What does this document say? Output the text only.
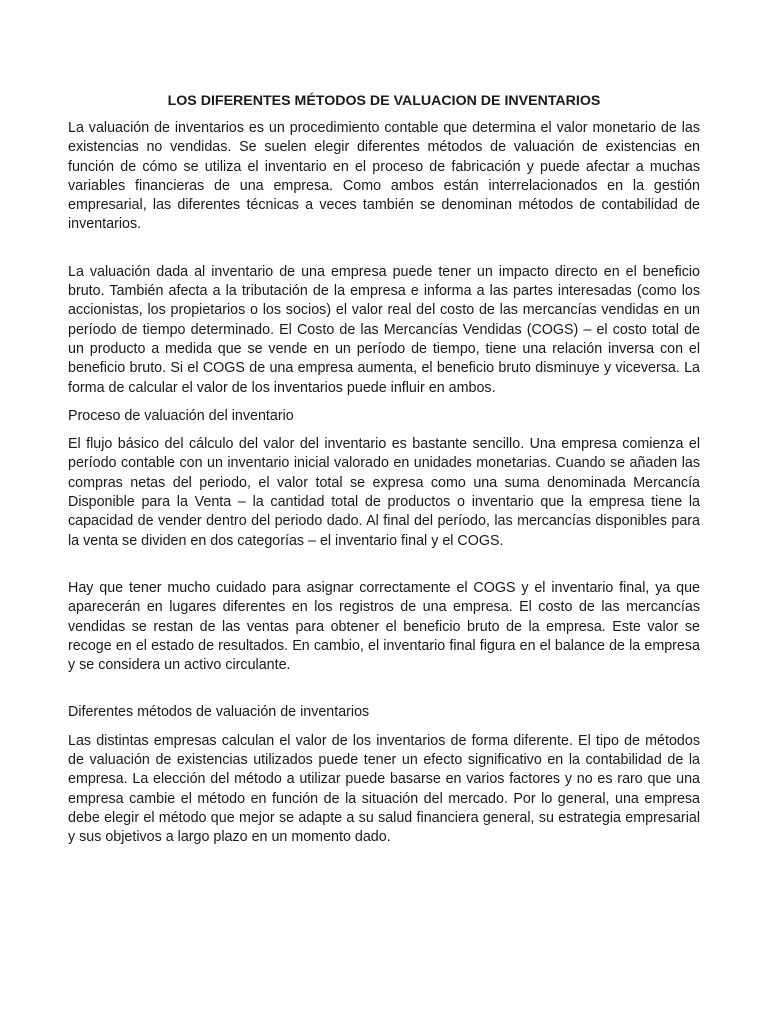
LOS DIFERENTES MÉTODOS DE VALUACION DE INVENTARIOS

La valuación de inventarios es un procedimiento contable que determina el valor monetario de las existencias no vendidas. Se suelen elegir diferentes métodos de valuación de existencias en función de cómo se utiliza el inventario en el proceso de fabricación y puede afectar a muchas variables financieras de una empresa. Como ambos están interrelacionados en la gestión empresarial, las diferentes técnicas a veces también se denominan métodos de contabilidad de inventarios.

La valuación dada al inventario de una empresa puede tener un impacto directo en el beneficio bruto. También afecta a la tributación de la empresa e informa a las partes interesadas (como los accionistas, los propietarios o los socios) el valor real del costo de las mercancías vendidas en un período de tiempo determinado. El Costo de las Mercancías Vendidas (COGS) – el costo total de un producto a medida que se vende en un período de tiempo, tiene una relación inversa con el beneficio bruto. Si el COGS de una empresa aumenta, el beneficio bruto disminuye y viceversa. La forma de calcular el valor de los inventarios puede influir en ambos.

Proceso de valuación del inventario

El flujo básico del cálculo del valor del inventario es bastante sencillo. Una empresa comienza el período contable con un inventario inicial valorado en unidades monetarias. Cuando se añaden las compras netas del periodo, el valor total se expresa como una suma denominada Mercancía Disponible para la Venta – la cantidad total de productos o inventario que la empresa tiene la capacidad de vender dentro del periodo dado. Al final del período, las mercancías disponibles para la venta se dividen en dos categorías – el inventario final y el COGS.

Hay que tener mucho cuidado para asignar correctamente el COGS y el inventario final, ya que aparecerán en lugares diferentes en los registros de una empresa. El costo de las mercancías vendidas se restan de las ventas para obtener el beneficio bruto de la empresa. Este valor se recoge en el estado de resultados. En cambio, el inventario final figura en el balance de la empresa y se considera un activo circulante.

Diferentes métodos de valuación de inventarios

Las distintas empresas calculan el valor de los inventarios de forma diferente. El tipo de métodos de valuación de existencias utilizados puede tener un efecto significativo en la contabilidad de la empresa. La elección del método a utilizar puede basarse en varios factores y no es raro que una empresa cambie el método en función de la situación del mercado. Por lo general, una empresa debe elegir el método que mejor se adapte a su salud financiera general, su estrategia empresarial y sus objetivos a largo plazo en un momento dado.
